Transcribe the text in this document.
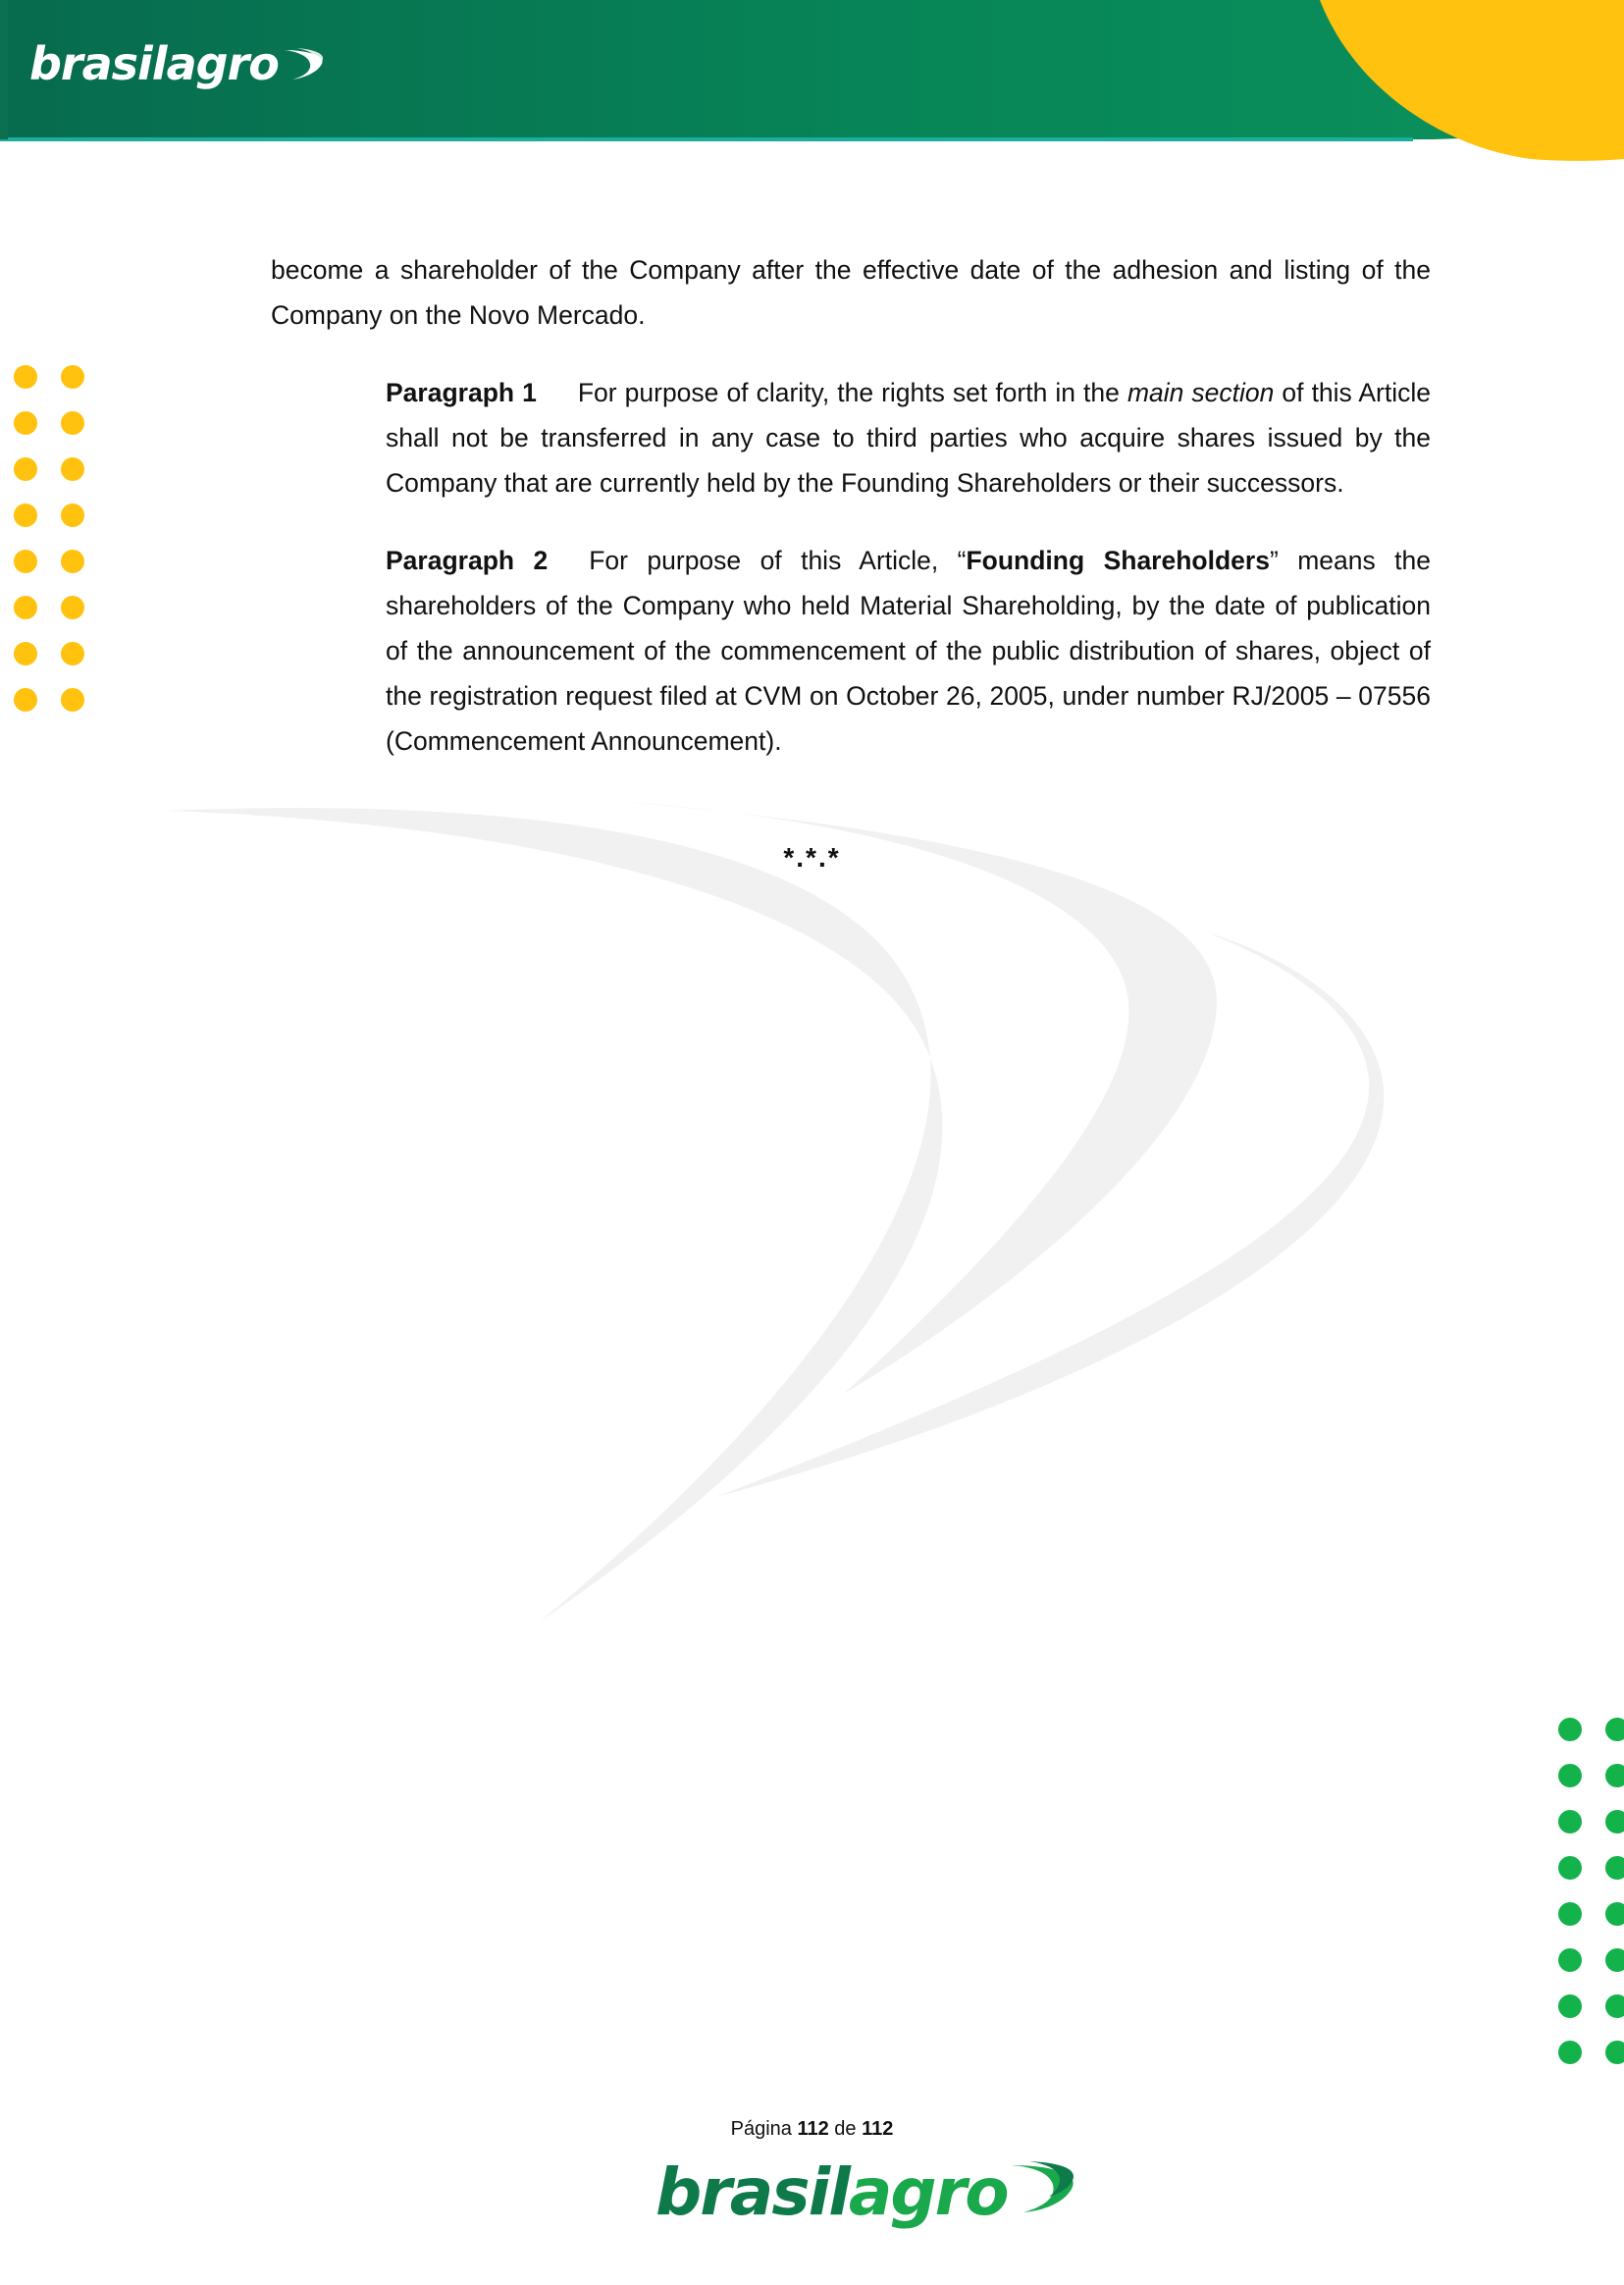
brasilagro

become a shareholder of the Company after the effective date of the adhesion and listing of the Company on the Novo Mercado.

Paragraph 1 For purpose of clarity, the rights set forth in the main section of this Article shall not be transferred in any case to third parties who acquire shares issued by the Company that are currently held by the Founding Shareholders or their successors.

Paragraph 2 For purpose of this Article, “Founding Shareholders” means the shareholders of the Company who held Material Shareholding, by the date of publication of the announcement of the commencement of the public distribution of shares, object of the registration request filed at CVM on October 26, 2005, under number RJ/2005 – 07556 (Commencement Announcement).

*.*.*
Página 112 de 112
brasil agro
